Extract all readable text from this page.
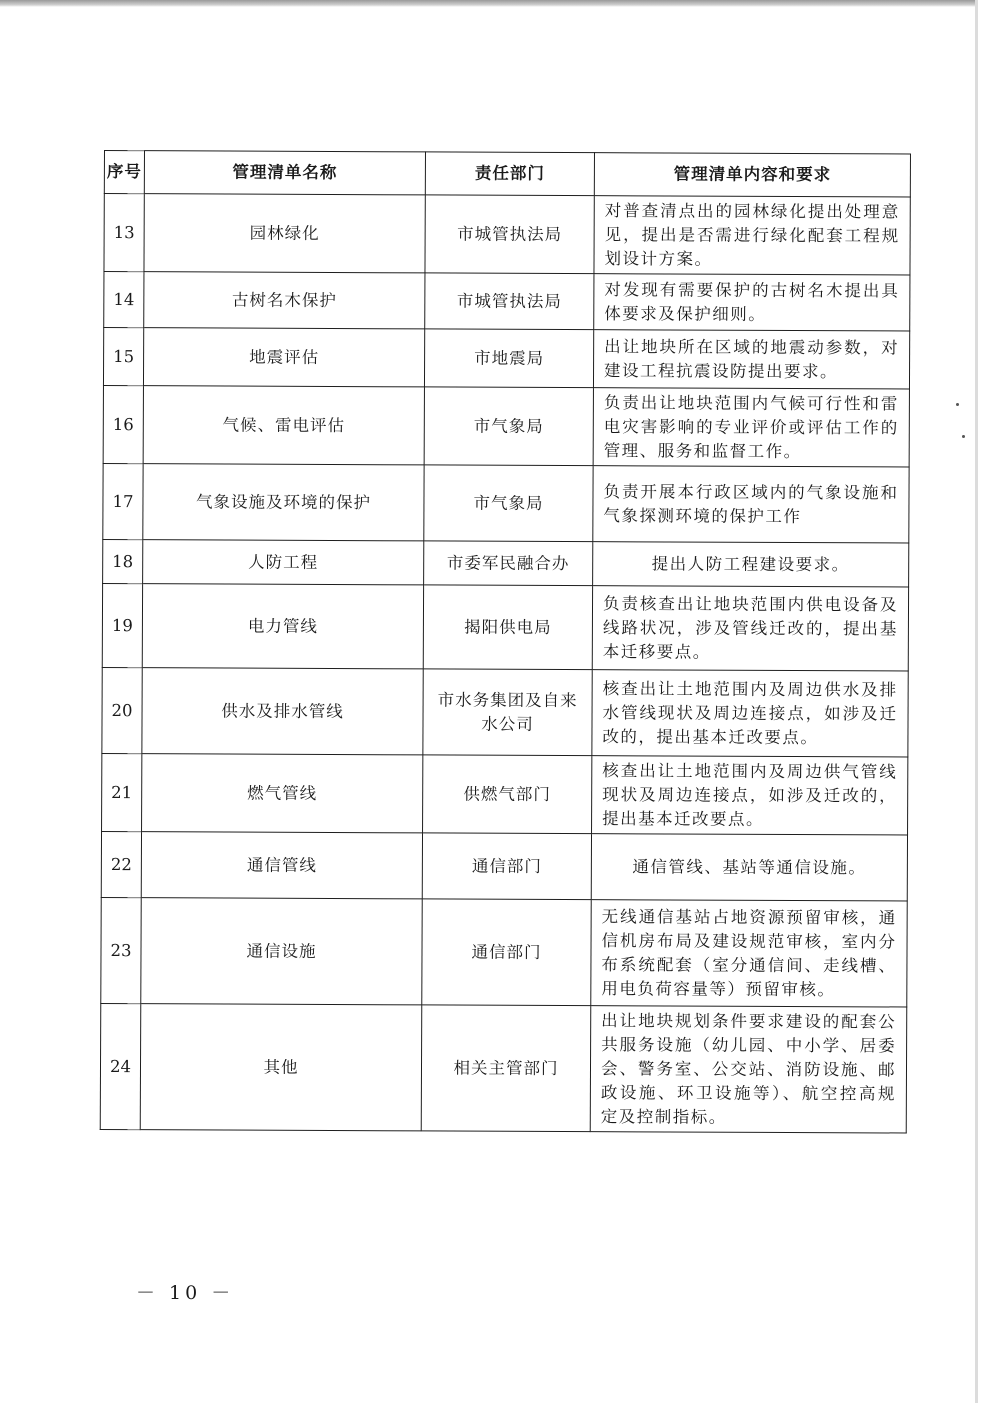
序号	管理清单名称	责任部门	管理清单内容和要求
13	园林绿化	市城管执法局	对普查清点出的园林绿化提出处理意见，提出是否需进行绿化配套工程规划设计方案。
14	古树名木保护	市城管执法局	对发现有需要保护的古树名木提出具体要求及保护细则。
15	地震评估	市地震局	出让地块所在区域的地震动参数，对建设工程抗震设防提出要求。
16	气候、雷电评估	市气象局	负责出让地块范围内气候可行性和雷电灾害影响的专业评价或评估工作的管理、服务和监督工作。
17	气象设施及环境的保护	市气象局	负责开展本行政区域内的气象设施和气象探测环境的保护工作
18	人防工程	市委军民融合办	提出人防工程建设要求。
19	电力管线	揭阳供电局	负责核查出让地块范围内供电设备及线路状况，涉及管线迁改的，提出基本迁移要点。
20	供水及排水管线	市水务集团及自来水公司	核查出让土地范围内及周边供水及排水管线现状及周边连接点，如涉及迁改的，提出基本迁改要点。
21	燃气管线	供燃气部门	核查出让土地范围内及周边供气管线现状及周边连接点，如涉及迁改的，提出基本迁改要点。
22	通信管线	通信部门	通信管线、基站等通信设施。
23	通信设施	通信部门	无线通信基站占地资源预留审核，通信机房布局及建设规范审核，室内分布系统配套（室分通信间、走线槽、用电负荷容量等）预留审核。
24	其他	相关主管部门	出让地块规划条件要求建设的配套公共服务设施（幼儿园、中小学、居委会、警务室、公交站、消防设施、邮政设施、环卫设施等）、航空控高规定及控制指标。
－ 10 －
